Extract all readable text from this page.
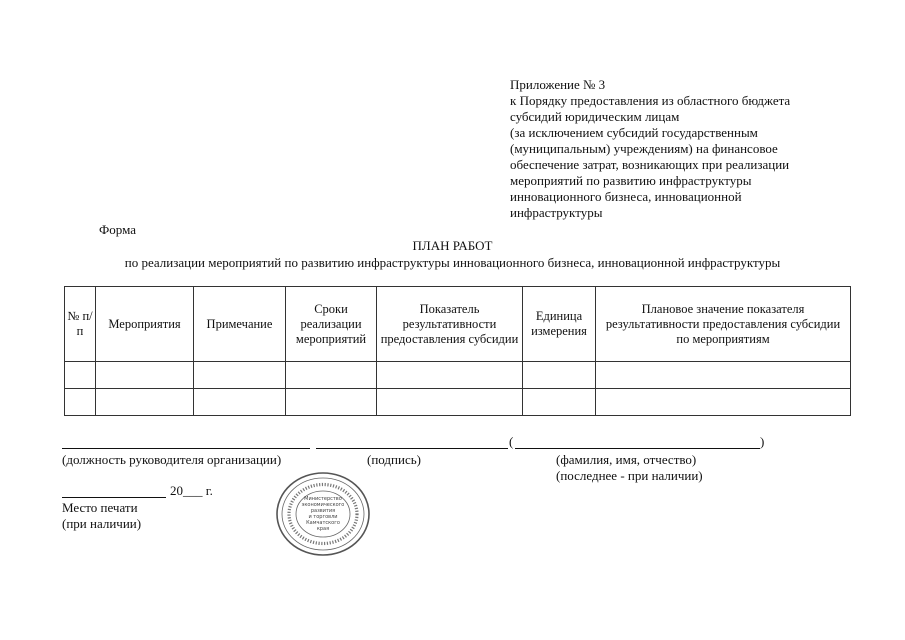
Приложение № 3
к Порядку предоставления из областного бюджета
субсидий юридическим лицам
(за исключением субсидий государственным
(муниципальным) учреждениям) на финансовое
обеспечение затрат, возникающих при реализации
мероприятий по развитию инфраструктуры
инновационного бизнеса, инновационной
инфраструктуры
Форма
ПЛАН РАБОТ
по реализации мероприятий по развитию инфраструктуры инновационного бизнеса, инновационной инфраструктуры
№ п/п	Мероприятия	Примечание	Сроки реализации мероприятий	Показатель результативности предоставления субсидии	Единица измерения	Плановое значение показателя результативности предоставления субсидии по мероприятиям

(	)
(должность руководителя организации)	(подпись)	(фамилия, имя, отчество)
(последнее - при наличии)
20___ г.
Место печати
(при наличии)
Министерство
экономического
развития
и торговли
Камчатского
края
